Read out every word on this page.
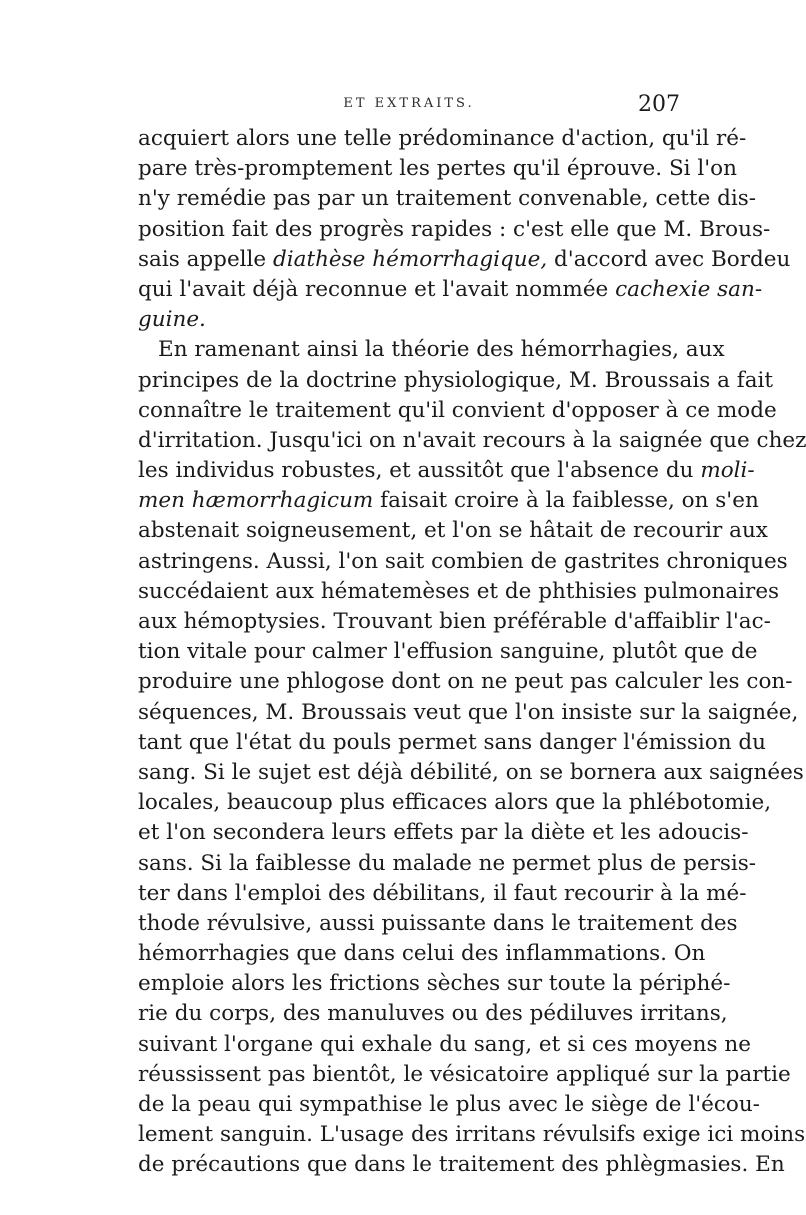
ET EXTRAITS.	207
acquiert alors une telle prédominance d'action, qu'il ré-
pare très-promptement les pertes qu'il éprouve. Si l'on
n'y remédie pas par un traitement convenable, cette dis-
position fait des progrès rapides : c'est elle que M. Brous-
sais appelle diathèse hémorrhagique, d'accord avec Bordeu
qui l'avait déjà reconnue et l'avait nommée cachexie san-
guine.
En ramenant ainsi la théorie des hémorrhagies, aux
principes de la doctrine physiologique, M. Broussais a fait
connaître le traitement qu'il convient d'opposer à ce mode
d'irritation. Jusqu'ici on n'avait recours à la saignée que chez
les individus robustes, et aussitôt que l'absence du moli-
men hæmorrhagicum faisait croire à la faiblesse, on s'en
abstenait soigneusement, et l'on se hâtait de recourir aux
astringens. Aussi, l'on sait combien de gastrites chroniques
succédaient aux hématemèses et de phthisies pulmonaires
aux hémoptysies. Trouvant bien préférable d'affaiblir l'ac-
tion vitale pour calmer l'effusion sanguine, plutôt que de
produire une phlogose dont on ne peut pas calculer les con-
séquences, M. Broussais veut que l'on insiste sur la saignée,
tant que l'état du pouls permet sans danger l'émission du
sang. Si le sujet est déjà débilité, on se bornera aux saignées
locales, beaucoup plus efficaces alors que la phlébotomie,
et l'on secondera leurs effets par la diète et les adoucis-
sans. Si la faiblesse du malade ne permet plus de persis-
ter dans l'emploi des débilitans, il faut recourir à la mé-
thode révulsive, aussi puissante dans le traitement des
hémorrhagies que dans celui des inflammations. On
emploie alors les frictions sèches sur toute la périphé-
rie du corps, des manuluves ou des pédiluves irritans,
suivant l'organe qui exhale du sang, et si ces moyens ne
réussissent pas bientôt, le vésicatoire appliqué sur la partie
de la peau qui sympathise le plus avec le siège de l'écou-
lement sanguin. L'usage des irritans révulsifs exige ici moins
de précautions que dans le traitement des phlègmasies. En
